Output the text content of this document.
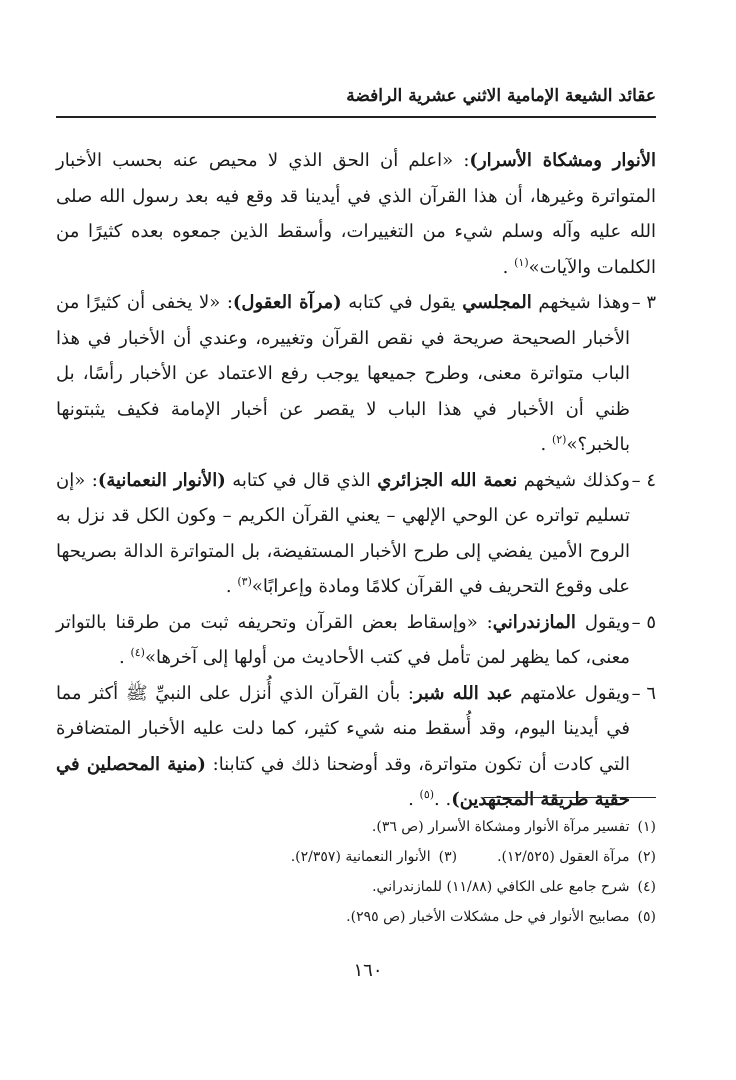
عقائد الشيعة الإمامية الاثني عشرية الرافضة

الأنوار ومشكاة الأسرار): «اعلم أن الحق الذي لا محيص عنه بحسب الأخبار المتواترة وغيرها، أن هذا القرآن الذي في أيدينا قد وقع فيه بعد رسول الله صلى الله عليه وآله وسلم شيء من التغييرات، وأسقط الذين جمعوه بعده كثيرًا من الكلمات والآيات»$^{(١)}$ .

٣ –
وهذا شيخهم المجلسي يقول في كتابه (مرآة العقول): «لا يخفى أن كثيرًا من الأخبار الصحيحة صريحة في نقص القرآن وتغييره، وعندي أن الأخبار في هذا الباب متواترة معنى، وطرح جميعها يوجب رفع الاعتماد عن الأخبار رأسًا، بل ظني أن الأخبار في هذا الباب لا يقصر عن أخبار الإمامة فكيف يثبتونها بالخبر؟»$^{(٢)}$ .

٤ –
وكذلك شيخهم نعمة الله الجزائري الذي قال في كتابه (الأنوار النعمانية): «إن تسليم تواتره عن الوحي الإلهي – يعني القرآن الكريم – وكون الكل قد نزل به الروح الأمين يفضي إلى طرح الأخبار المستفيضة، بل المتواترة الدالة بصريحها على وقوع التحريف في القرآن كلامًا ومادة وإعرابًا»$^{(٣)}$ .

٥ –
ويقول المازندراني: «وإسقاط بعض القرآن وتحريفه ثبت من طرقنا بالتواتر معنى، كما يظهر لمن تأمل في كتب الأحاديث من أولها إلى آخرها»$^{(٤)}$ .

٦ –
ويقول علامتهم عبد الله شبر: بأن القرآن الذي أُنزل على النبيِّ ﷺ أكثر مما في أيدينا اليوم، وقد أُسقط منه شيء كثير، كما دلت عليه الأخبار المتضافرة التي كادت أن تكون متواترة، وقد أوضحنا ذلك في كتابنا: (منية المحصلين في حقية طريقة المجتهدين). .$^{(٥)}$ .

(١)تفسير مرآة الأنوار ومشكاة الأسرار (ص ٣٦).
(٢)مرآة العقول (١٢/٥٢٥).(٣)الأنوار النعمانية (٢/٣٥٧).
(٤)شرح جامع على الكافي (١١/٨٨) للمازندراني.
(٥)مصابيح الأنوار في حل مشكلات الأخبار (ص ٢٩٥).
١٦٠
